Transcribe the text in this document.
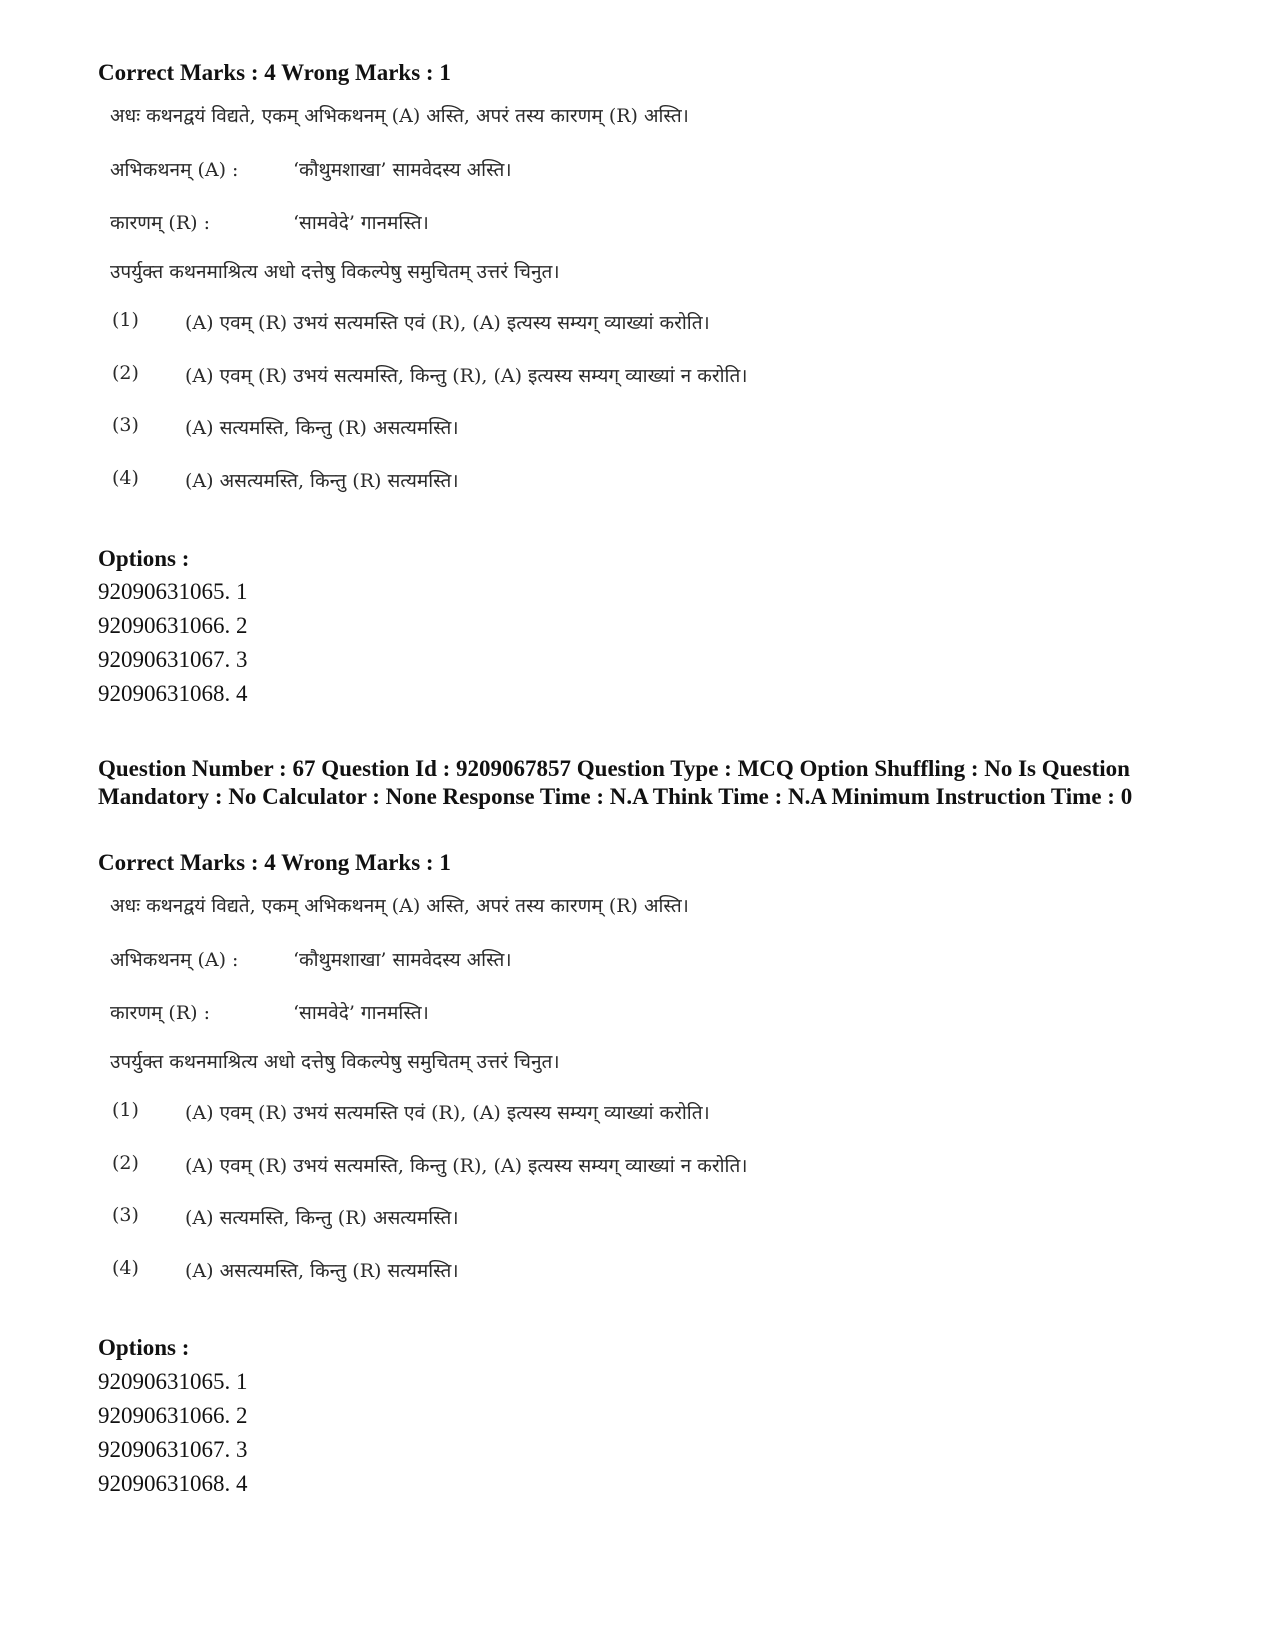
Correct Marks : 4 Wrong Marks : 1
अधः कथनद्वयं विद्यते, एकम् अभिकथनम् (A) अस्ति, अपरं तस्य कारणम् (R) अस्ति।
अभिकथनम् (A) :	‘कौथुमशाखा’ सामवेदस्य अस्ति।
कारणम् (R) :	‘सामवेदे’ गानमस्ति।
उपर्युक्त कथनमाश्रित्य अधो दत्तेषु विकल्पेषु समुचितम् उत्तरं चिनुत।
(1) (A) एवम् (R) उभयं सत्यमस्ति एवं (R), (A) इत्यस्य सम्यग् व्याख्यां करोति।
(2) (A) एवम् (R) उभयं सत्यमस्ति, किन्तु (R), (A) इत्यस्य सम्यग् व्याख्यां न करोति।
(3) (A) सत्यमस्ति, किन्तु (R) असत्यमस्ति।
(4) (A) असत्यमस्ति, किन्तु (R) सत्यमस्ति।
Options :
92090631065. 1
92090631066. 2
92090631067. 3
92090631068. 4
Question Number : 67 Question Id : 9209067857 Question Type : MCQ Option Shuffling : No Is Question Mandatory : No Calculator : None Response Time : N.A Think Time : N.A Minimum Instruction Time : 0
Correct Marks : 4 Wrong Marks : 1
अधः कथनद्वयं विद्यते, एकम् अभिकथनम् (A) अस्ति, अपरं तस्य कारणम् (R) अस्ति।
अभिकथनम् (A) :	‘कौथुमशाखा’ सामवेदस्य अस्ति।
कारणम् (R) :	‘सामवेदे’ गानमस्ति।
उपर्युक्त कथनमाश्रित्य अधो दत्तेषु विकल्पेषु समुचितम् उत्तरं चिनुत।
(1) (A) एवम् (R) उभयं सत्यमस्ति एवं (R), (A) इत्यस्य सम्यग् व्याख्यां करोति।
(2) (A) एवम् (R) उभयं सत्यमस्ति, किन्तु (R), (A) इत्यस्य सम्यग् व्याख्यां न करोति।
(3) (A) सत्यमस्ति, किन्तु (R) असत्यमस्ति।
(4) (A) असत्यमस्ति, किन्तु (R) सत्यमस्ति।
Options :
92090631065. 1
92090631066. 2
92090631067. 3
92090631068. 4
